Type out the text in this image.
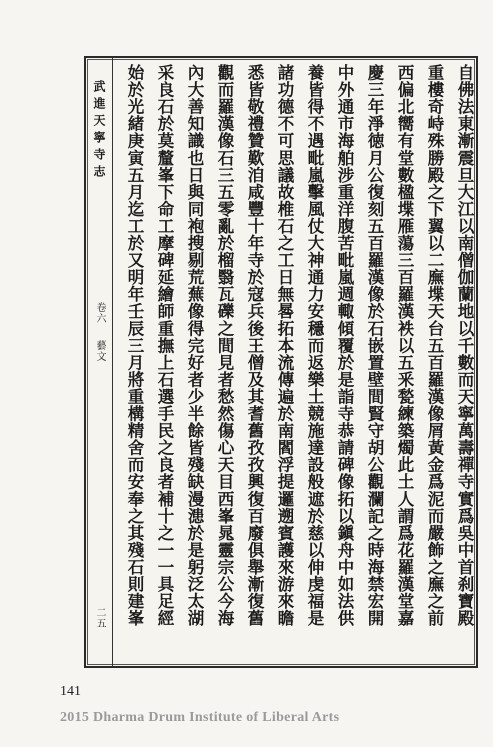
武進天寧寺志
卷六
藝文
二五	自佛法東漸震旦大江以南僧伽蘭地以千數而天寧萬壽禪寺實爲吳中首刹寶殿
重樓奇峙殊勝殿之下翼以二廡堞天台五百羅漢像屑黃金爲泥而嚴飾之廡之前
西偏北嚮有堂數楹堞雁蕩三百羅漢袟以五釆甃練築燭此土人謂爲花羅漢堂嘉
慶三年淨徳月公復刻五百羅漢像於石嵌置壁間賢守胡公觀瀾記之時海禁宏開
中外通市海舶涉重洋腹苦毗嵐週輙傾覆於是詣寺恭請碑像拓以鎭舟中如法供
養皆得不遇毗嵐擊風仗大神通力安穩而返樂土競施達設般遮於慈以伸虔福是
諸功德不可思議故椎石之工日無晷拓本流傳遍於南閻浮提邏遡賓護來游來瞻
悉皆敬禮贊歎洎咸豐十年寺於寇兵後王僧及其耆舊孜孜興復百廢俱舉漸復舊
觀而羅漢像石三五零亂於榴翳瓦礫之間見者愁然傷心天目西峯晁靈宗公今海
內大善知識也日與同袍搜剔荒蕪像得完好者少半餘皆殘缺漫漶於是躬泛太湖
采良石於莫釐峯下命工摩碑延繪師重撫上石選手民之良者補十之一一具足經
始於光緒庚寅五月迄工於又明年壬辰三月將重構精舍而安奉之其殘石則建峯
141
2015 Dharma Drum Institute of Liberal Arts
